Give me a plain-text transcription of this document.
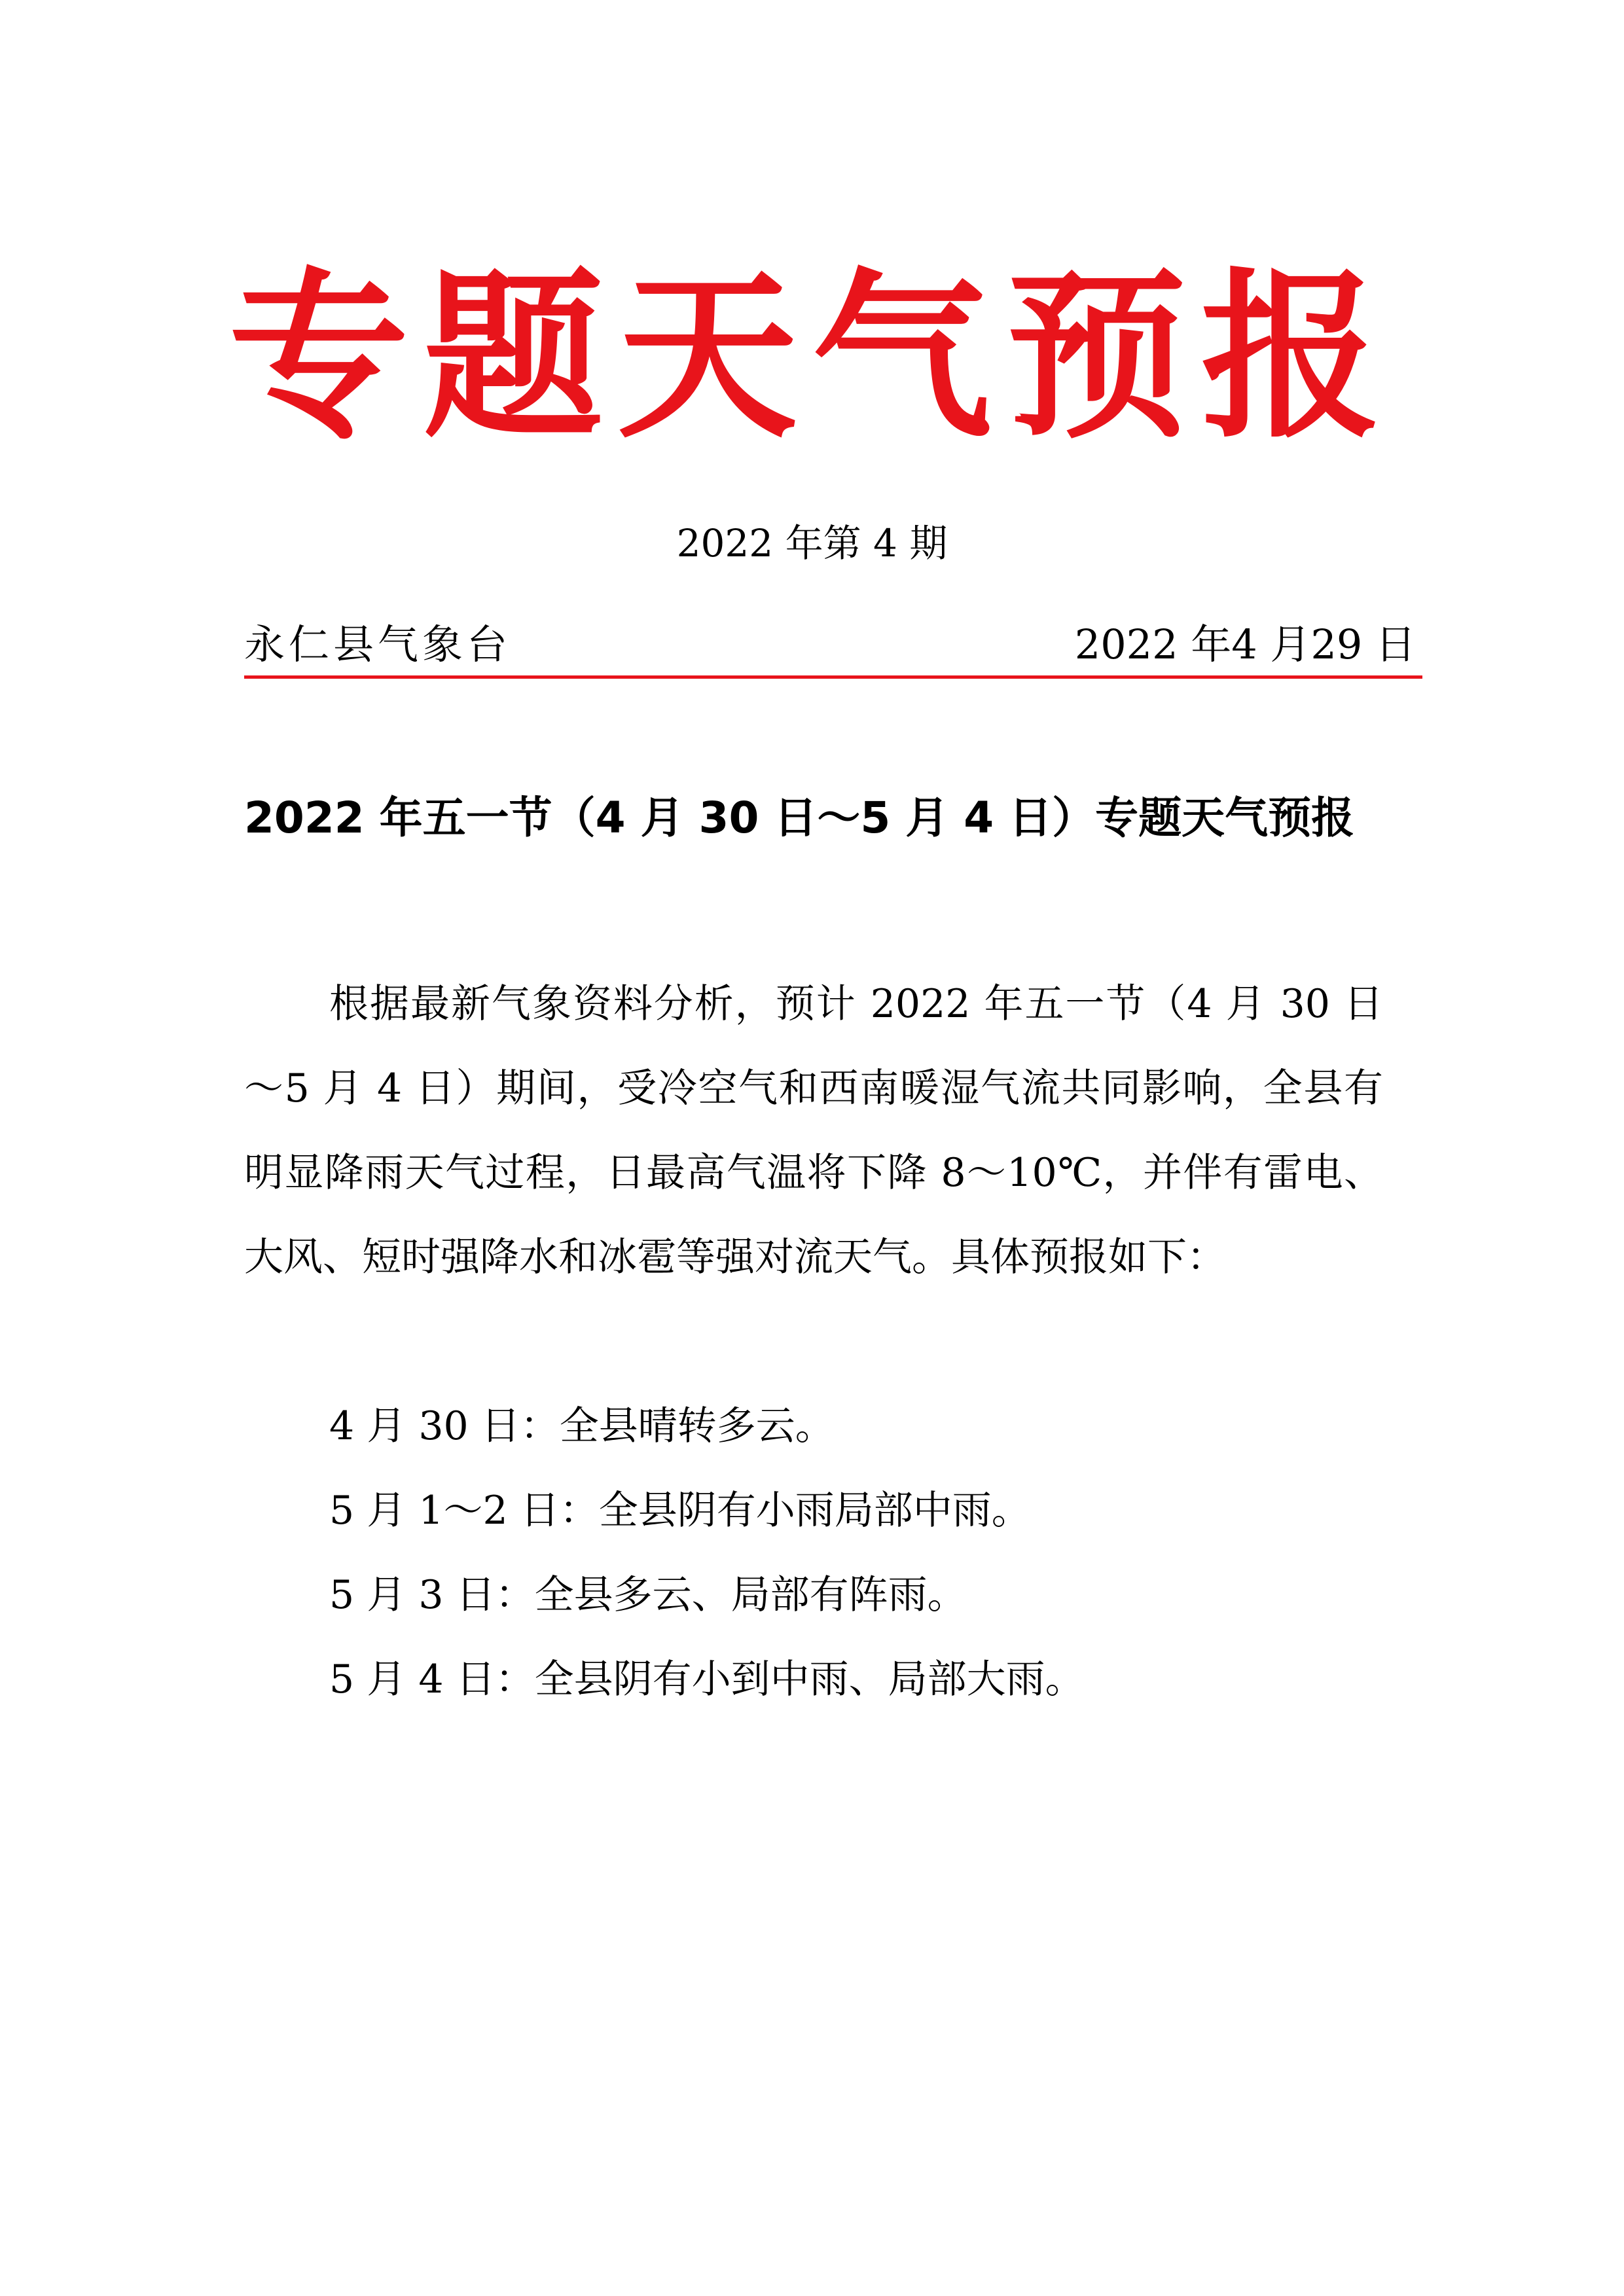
专题天气预报
2022 年第 4 期
永仁县气象台	2022 年4 月29 日
2022 年五一节（4 月 30 日～5 月 4 日）专题天气预报

根据最新气象资料分析，预计 2022 年五一节（4 月 30 日～5 月 4 日）期间，受冷空气和西南暖湿气流共同影响，全县有明显降雨天气过程，日最高气温将下降 8～10℃，并伴有雷电、大风、短时强降水和冰雹等强对流天气。具体预报如下：

4 月 30 日：全县晴转多云。
5 月 1～2 日：全县阴有小雨局部中雨。
5 月 3 日：全县多云、局部有阵雨。
5 月 4 日：全县阴有小到中雨、局部大雨。
